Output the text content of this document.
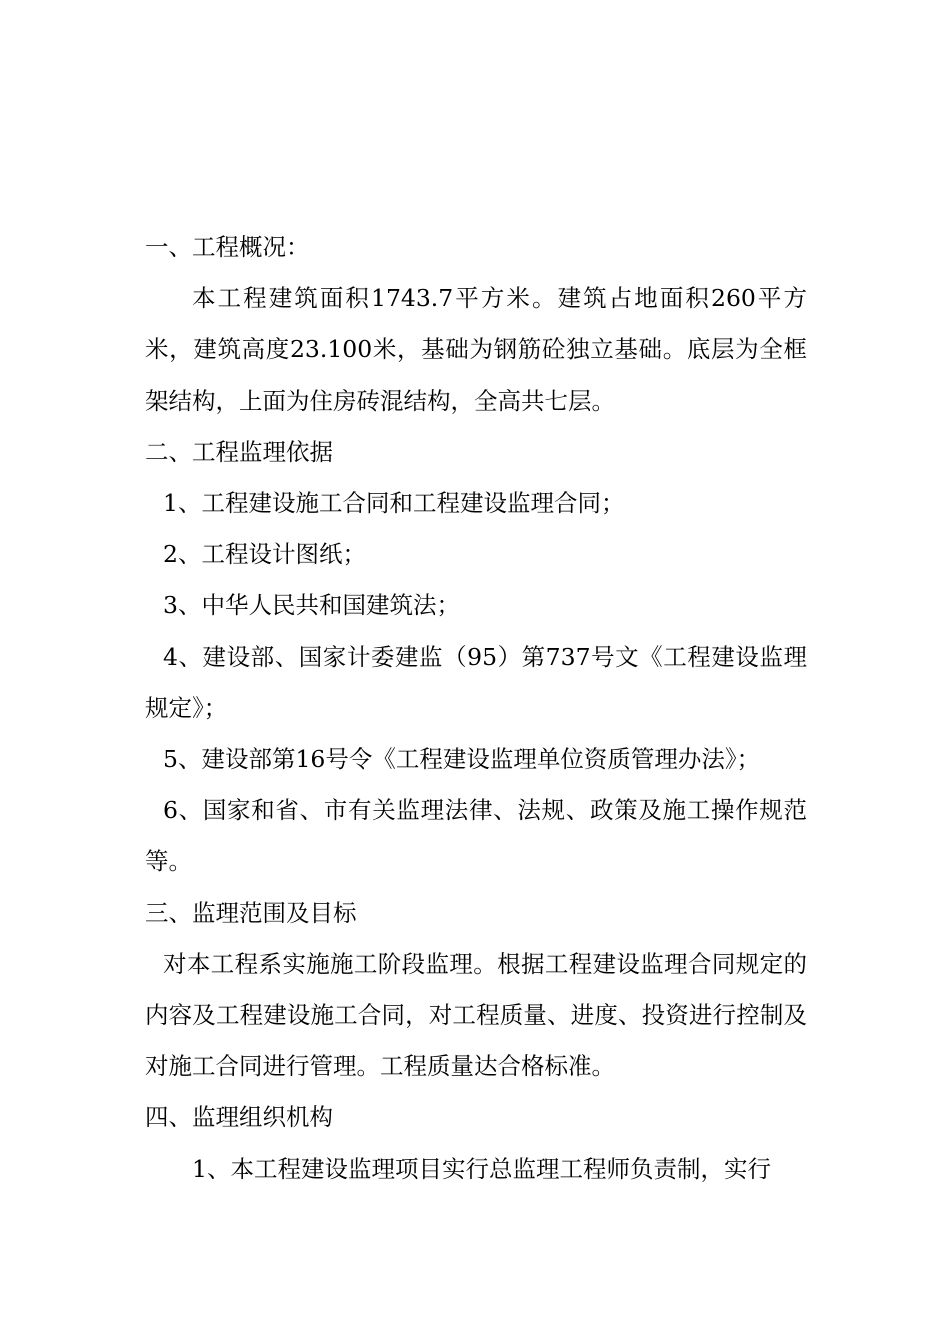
一、工程概况：

本工程建筑面积1743.7平方米。建筑占地面积260平方米，建筑高度23.100米，基础为钢筋砼独立基础。底层为全框架结构，上面为住房砖混结构，全高共七层。

二、工程监理依据

1、工程建设施工合同和工程建设监理合同；

2、工程设计图纸；

3、中华人民共和国建筑法；

4、建设部、国家计委建监（95）第737号文《工程建设监理规定》；

5、建设部第16号令《工程建设监理单位资质管理办法》；

6、国家和省、市有关监理法律、法规、政策及施工操作规范等。

三、监理范围及目标

对本工程系实施施工阶段监理。根据工程建设监理合同规定的内容及工程建设施工合同，对工程质量、进度、投资进行控制及对施工合同进行管理。工程质量达合格标准。

四、监理组织机构

1、本工程建设监理项目实行总监理工程师负责制，实行
